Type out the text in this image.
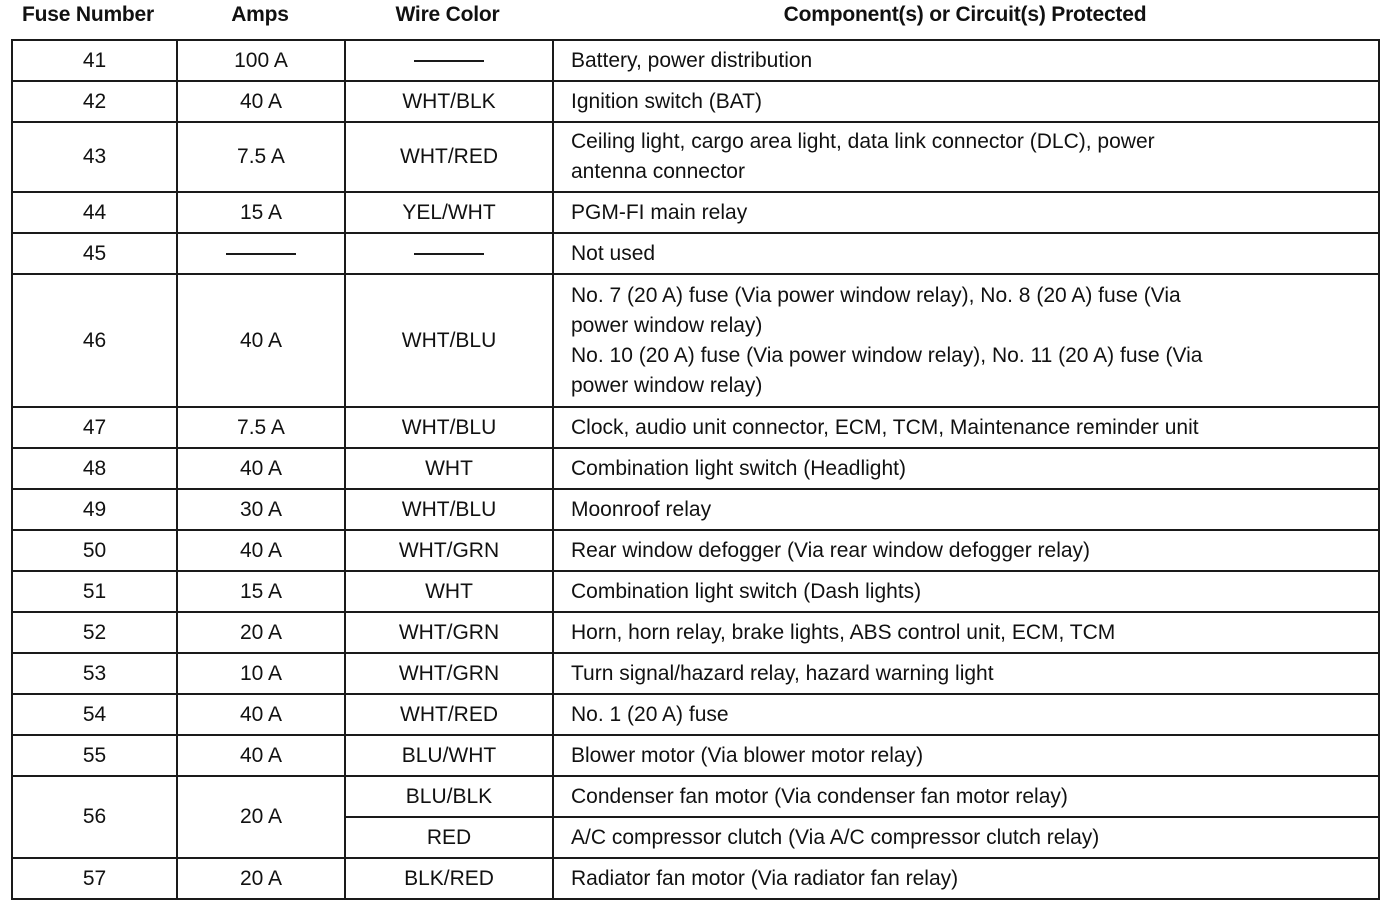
Fuse Number	Amps	Wire Color	Component(s) or Circuit(s) Protected
41	100 A		Battery, power distribution

42	40 A	WHT/BLK	Ignition switch (BAT)

43	7.5 A	WHT/RED	Ceiling light, cargo area light, data link connector (DLC), power
antenna connector

44	15 A	YEL/WHT	PGM-FI main relay

45			Not used

46	40 A	WHT/BLU	No. 7 (20 A) fuse (Via power window relay), No. 8 (20 A) fuse (Via
power window relay)
No. 10 (20 A) fuse (Via power window relay), No. 11 (20 A) fuse (Via
power window relay)

47	7.5 A	WHT/BLU	Clock, audio unit connector, ECM, TCM, Maintenance reminder unit

48	40 A	WHT	Combination light switch (Headlight)

49	30 A	WHT/BLU	Moonroof relay

50	40 A	WHT/GRN	Rear window defogger (Via rear window defogger relay)

51	15 A	WHT	Combination light switch (Dash lights)

52	20 A	WHT/GRN	Horn, horn relay, brake lights, ABS control unit, ECM, TCM

53	10 A	WHT/GRN	Turn signal/hazard relay, hazard warning light

54	40 A	WHT/RED	No. 1 (20 A) fuse

55	40 A	BLU/WHT	Blower motor (Via blower motor relay)

56	20 A	BLU/BLK	Condenser fan motor (Via condenser fan motor relay)

		RED	A/C compressor clutch (Via A/C compressor clutch relay)

57	20 A	BLK/RED	Radiator fan motor (Via radiator fan relay)
